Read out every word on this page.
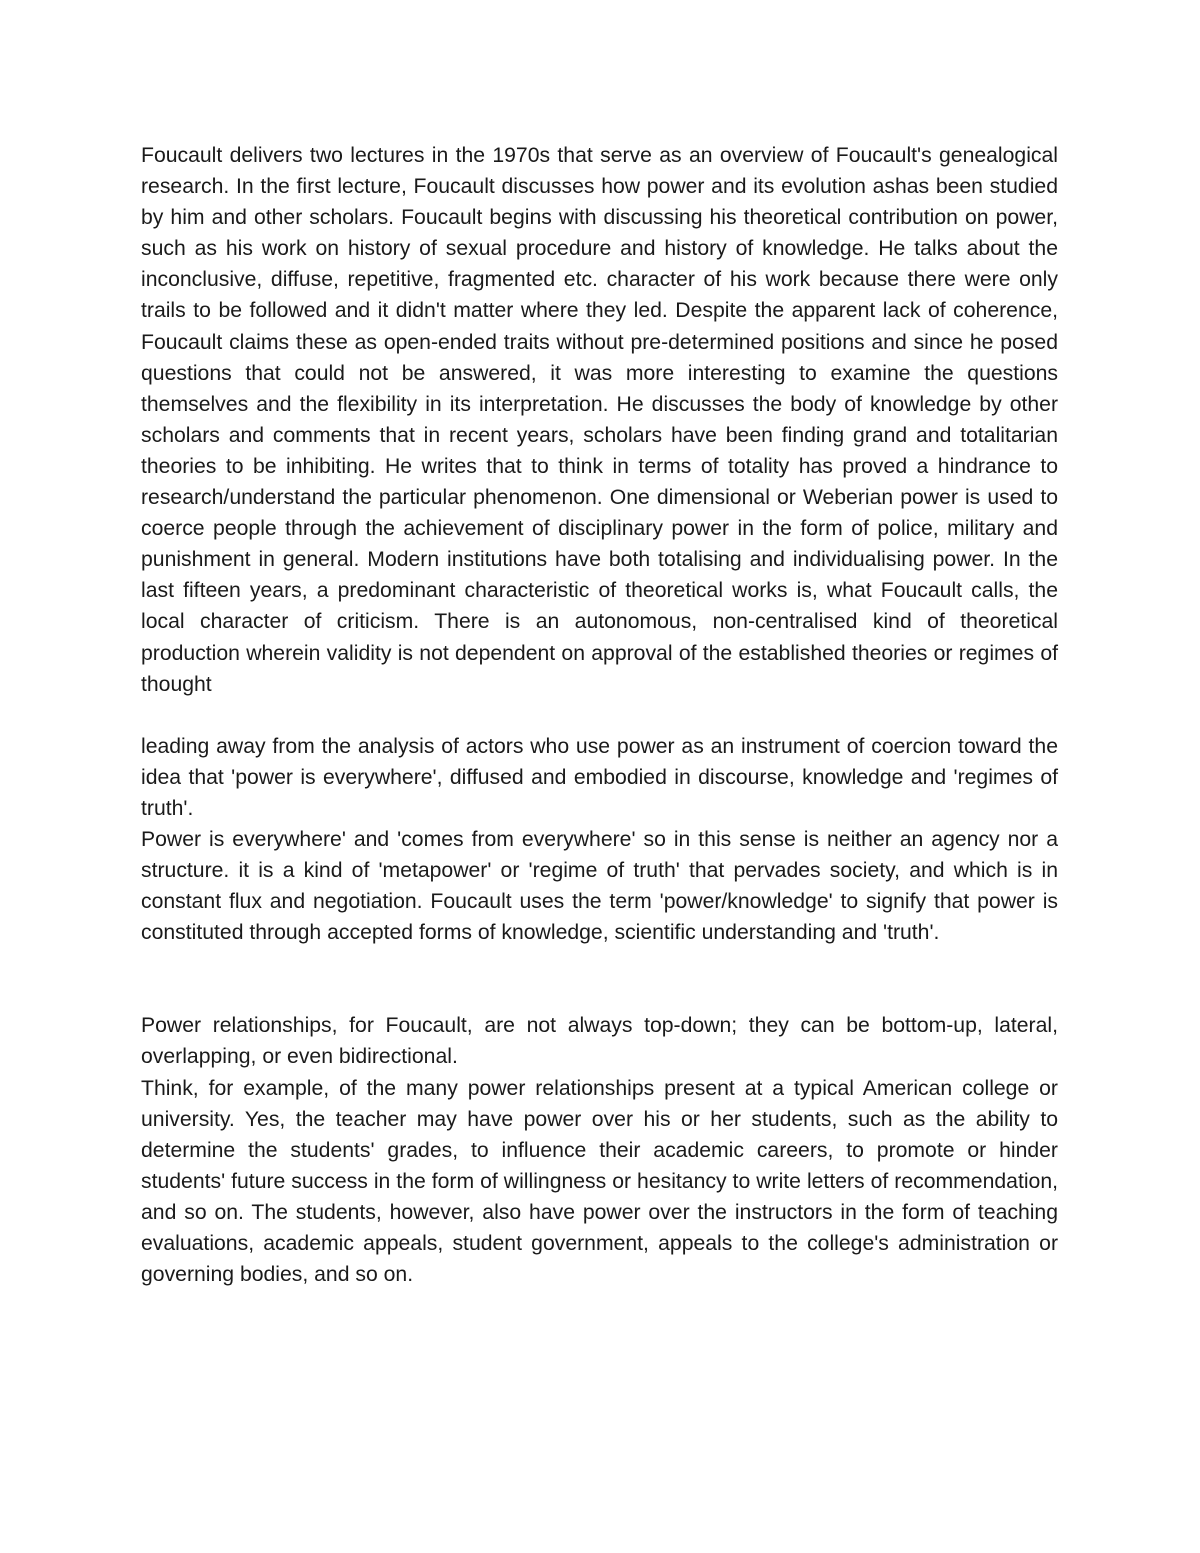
Foucault delivers two lectures in the 1970s that serve as an overview of Foucault's genealogical research. In the first lecture, Foucault discusses how power and its evolution ashas been studied by him and other scholars. Foucault begins with discussing his theoretical contribution on power, such as his work on history of sexual procedure and history of knowledge. He talks about the inconclusive, diffuse, repetitive, fragmented etc. character of his work because there were only trails to be followed and it didn't matter where they led. Despite the apparent lack of coherence, Foucault claims these as open-ended traits without pre-determined positions and since he posed questions that could not be answered, it was more interesting to examine the questions themselves and the flexibility in its interpretation. He discusses the body of knowledge by other scholars and comments that in recent years, scholars have been finding grand and totalitarian theories to be inhibiting. He writes that to think in terms of totality has proved a hindrance to research/understand the particular phenomenon. One dimensional or Weberian power is used to coerce people through the achievement of disciplinary power in the form of police, military and punishment in general. Modern institutions have both totalising and individualising power. In the last fifteen years, a predominant characteristic of theoretical works is, what Foucault calls, the local character of criticism. There is an autonomous, non-centralised kind of theoretical production wherein validity is not dependent on approval of the established theories or regimes of thought

leading away from the analysis of actors who use power as an instrument of coercion toward the idea that 'power is everywhere', diffused and embodied in discourse, knowledge and 'regimes of truth'.

Power is everywhere' and 'comes from everywhere' so in this sense is neither an agency nor a structure. it is a kind of 'metapower' or 'regime of truth' that pervades society, and which is in constant flux and negotiation. Foucault uses the term 'power/knowledge' to signify that power is constituted through accepted forms of knowledge, scientific understanding and 'truth'.

Power relationships, for Foucault, are not always top-down; they can be bottom-up, lateral, overlapping, or even bidirectional.

Think, for example, of the many power relationships present at a typical American college or university. Yes, the teacher may have power over his or her students, such as the ability to determine the students' grades, to influence their academic careers, to promote or hinder students' future success in the form of willingness or hesitancy to write letters of recommendation, and so on. The students, however, also have power over the instructors in the form of teaching evaluations, academic appeals, student government, appeals to the college's administration or governing bodies, and so on.
